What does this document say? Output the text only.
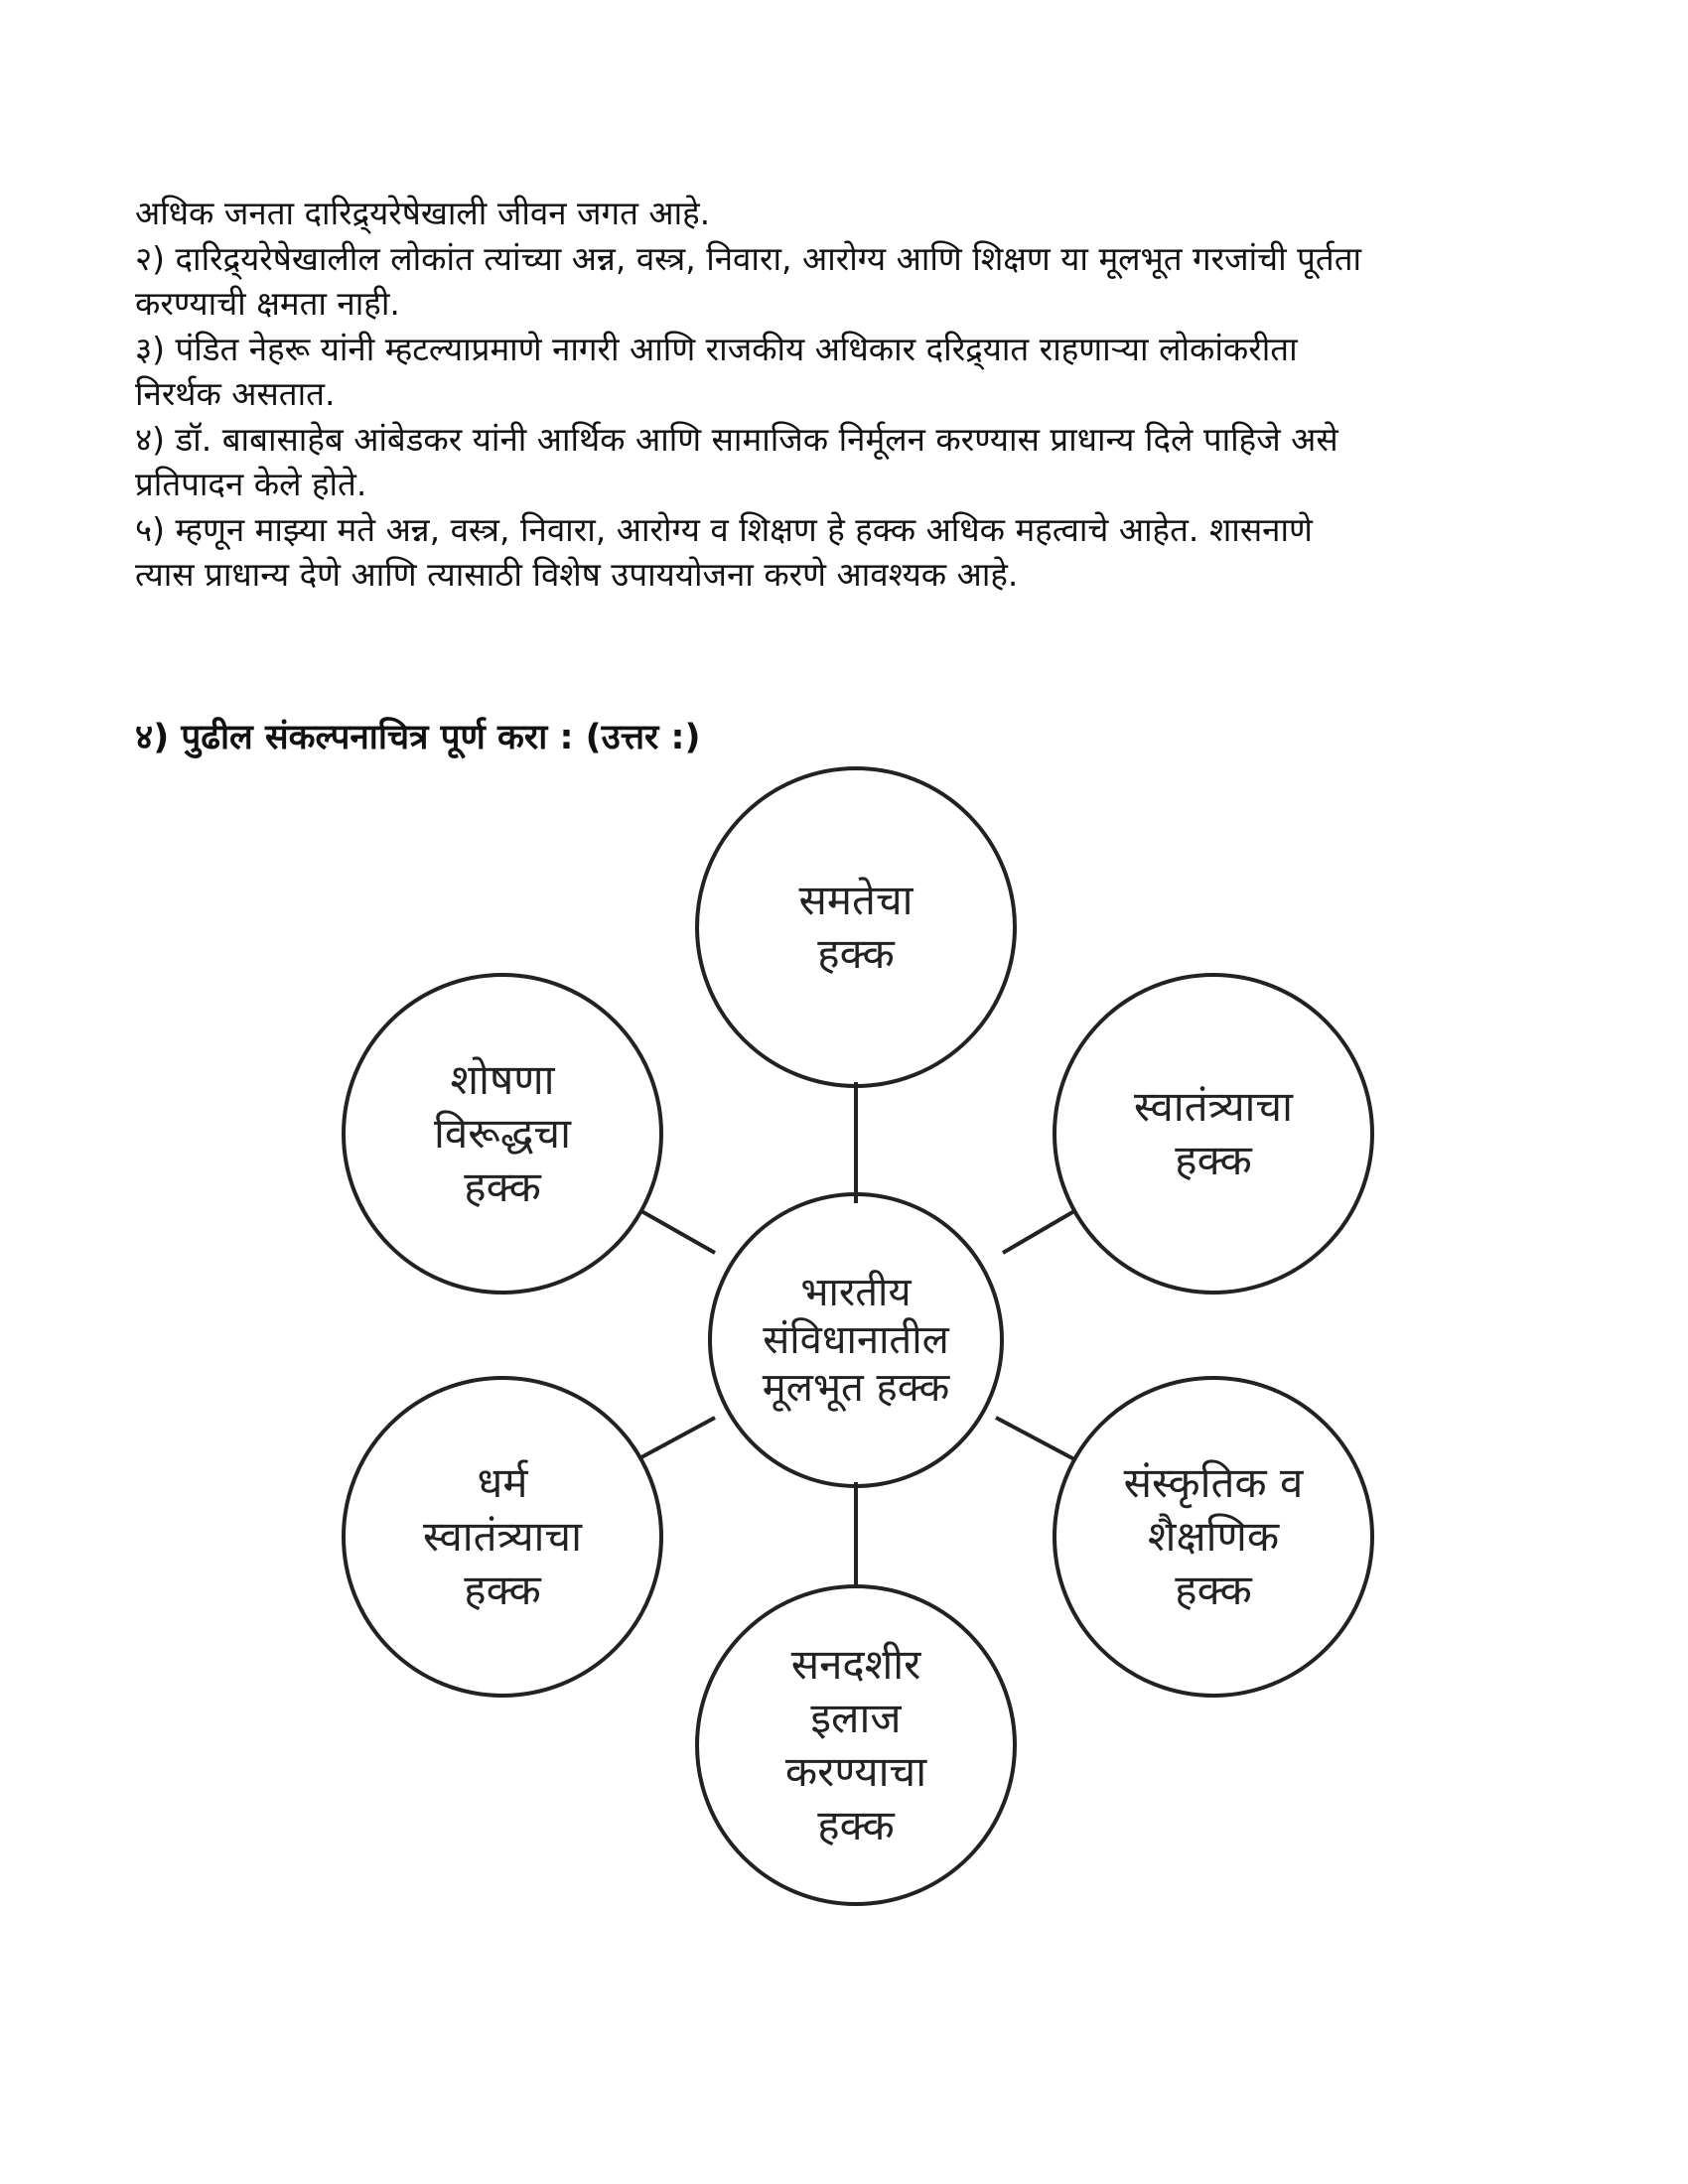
अधिक जनता दारिद्र्यरेषेखाली जीवन जगत आहे.

२) दारिद्र्यरेषेखालील लोकांत त्यांच्या अन्न, वस्त्र, निवारा, आरोग्य आणि शिक्षण या मूलभूत गरजांची पूर्तता

करण्याची क्षमता नाही.

३) पंडित नेहरू यांनी म्हटल्याप्रमाणे नागरी आणि राजकीय अधिकार दरिद्र्यात राहणाऱ्या लोकांकरीता

निरर्थक असतात.

४) डॉ. बाबासाहेब आंबेडकर यांनी आर्थिक आणि सामाजिक निर्मूलन करण्यास प्राधान्य दिले पाहिजे असे

प्रतिपादन केले होते.

५) म्हणून माझ्या मते अन्न, वस्त्र, निवारा, आरोग्य व शिक्षण हे हक्क अधिक महत्वाचे आहेत. शासनाणे

त्यास प्राधान्य देणे आणि त्यासाठी विशेष उपाययोजना करणे आवश्यक आहे.

४) पुढील संकल्पनाचित्र पूर्ण करा : (उत्तर :)
भारतीय
संविधानातील
मूलभूत हक्क
समतेचा
हक्क
स्वातंत्र्याचा
हक्क
संस्कृतिक व
शैक्षणिक
हक्क
सनदशीर
इलाज
करण्याचा
हक्क
धर्म
स्वातंत्र्याचा
हक्क
शोषणा
विरूद्धचा
हक्क
